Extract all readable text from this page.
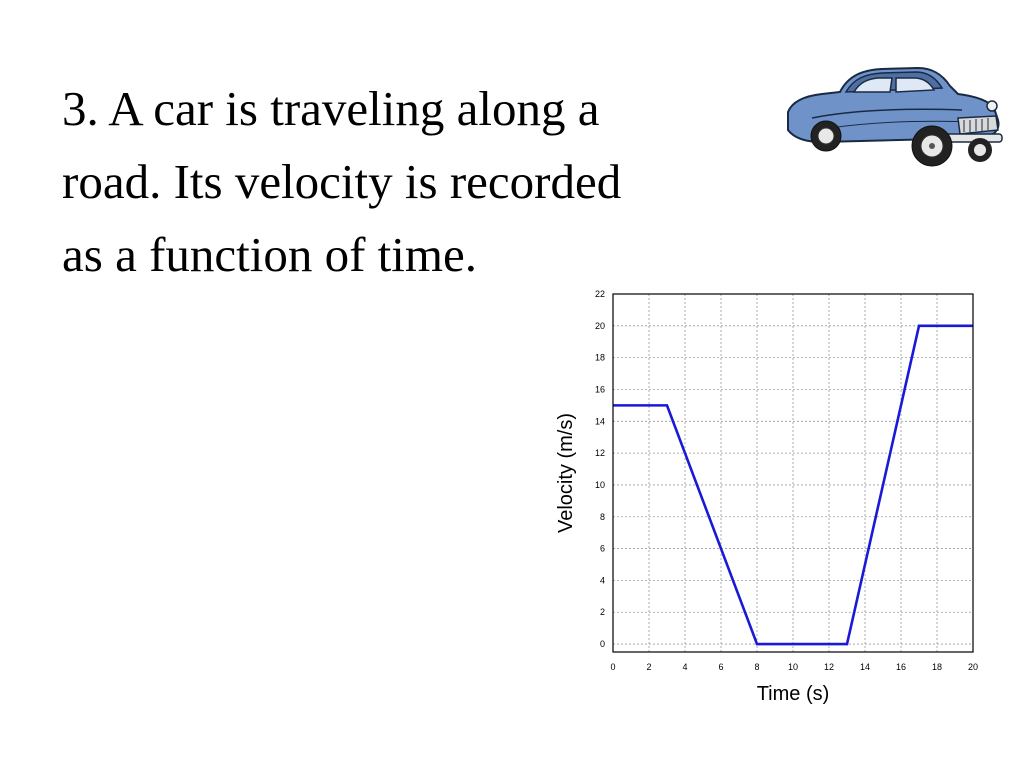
3. A car is traveling along a
road. Its velocity is recorded
as a function of time.

0
2
4
6
8
10
12
14
16
18
20
22
0	2	4	6	8	10	12	14	16	18	20
Time (s)
Velocity (m/s)
